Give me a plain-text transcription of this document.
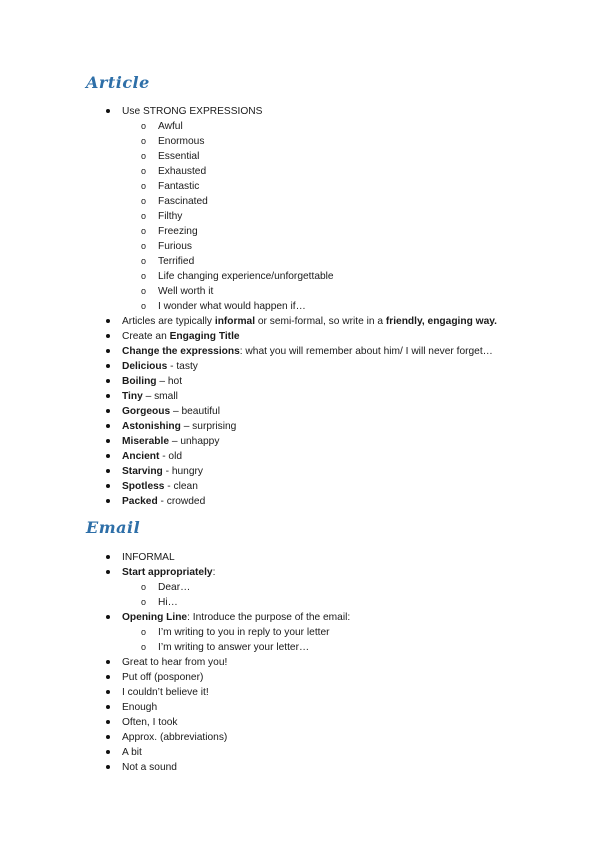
Article
Use STRONG EXPRESSIONS
o Awful
o Enormous
o Essential
o Exhausted
o Fantastic
o Fascinated
o Filthy
o Freezing
o Furious
o Terrified
o Life changing experience/unforgettable
o Well worth it
o I wonder what would happen if…
Articles are typically informal or semi-formal, so write in a friendly, engaging way.
Create an Engaging Title
Change the expressions: what you will remember about him/ I will never forget…
Delicious - tasty
Boiling – hot
Tiny – small
Gorgeous – beautiful
Astonishing – surprising
Miserable – unhappy
Ancient - old
Starving - hungry
Spotless - clean
Packed - crowded
Email
INFORMAL
Start appropriately:
o Dear…
o Hi…
Opening Line: Introduce the purpose of the email:
o I’m writing to you in reply to your letter
o I’m writing to answer your letter…
Great to hear from you!
Put off (posponer)
I couldn’t believe it!
Enough
Often, I took
Approx. (abbreviations)
A bit
Not a sound
